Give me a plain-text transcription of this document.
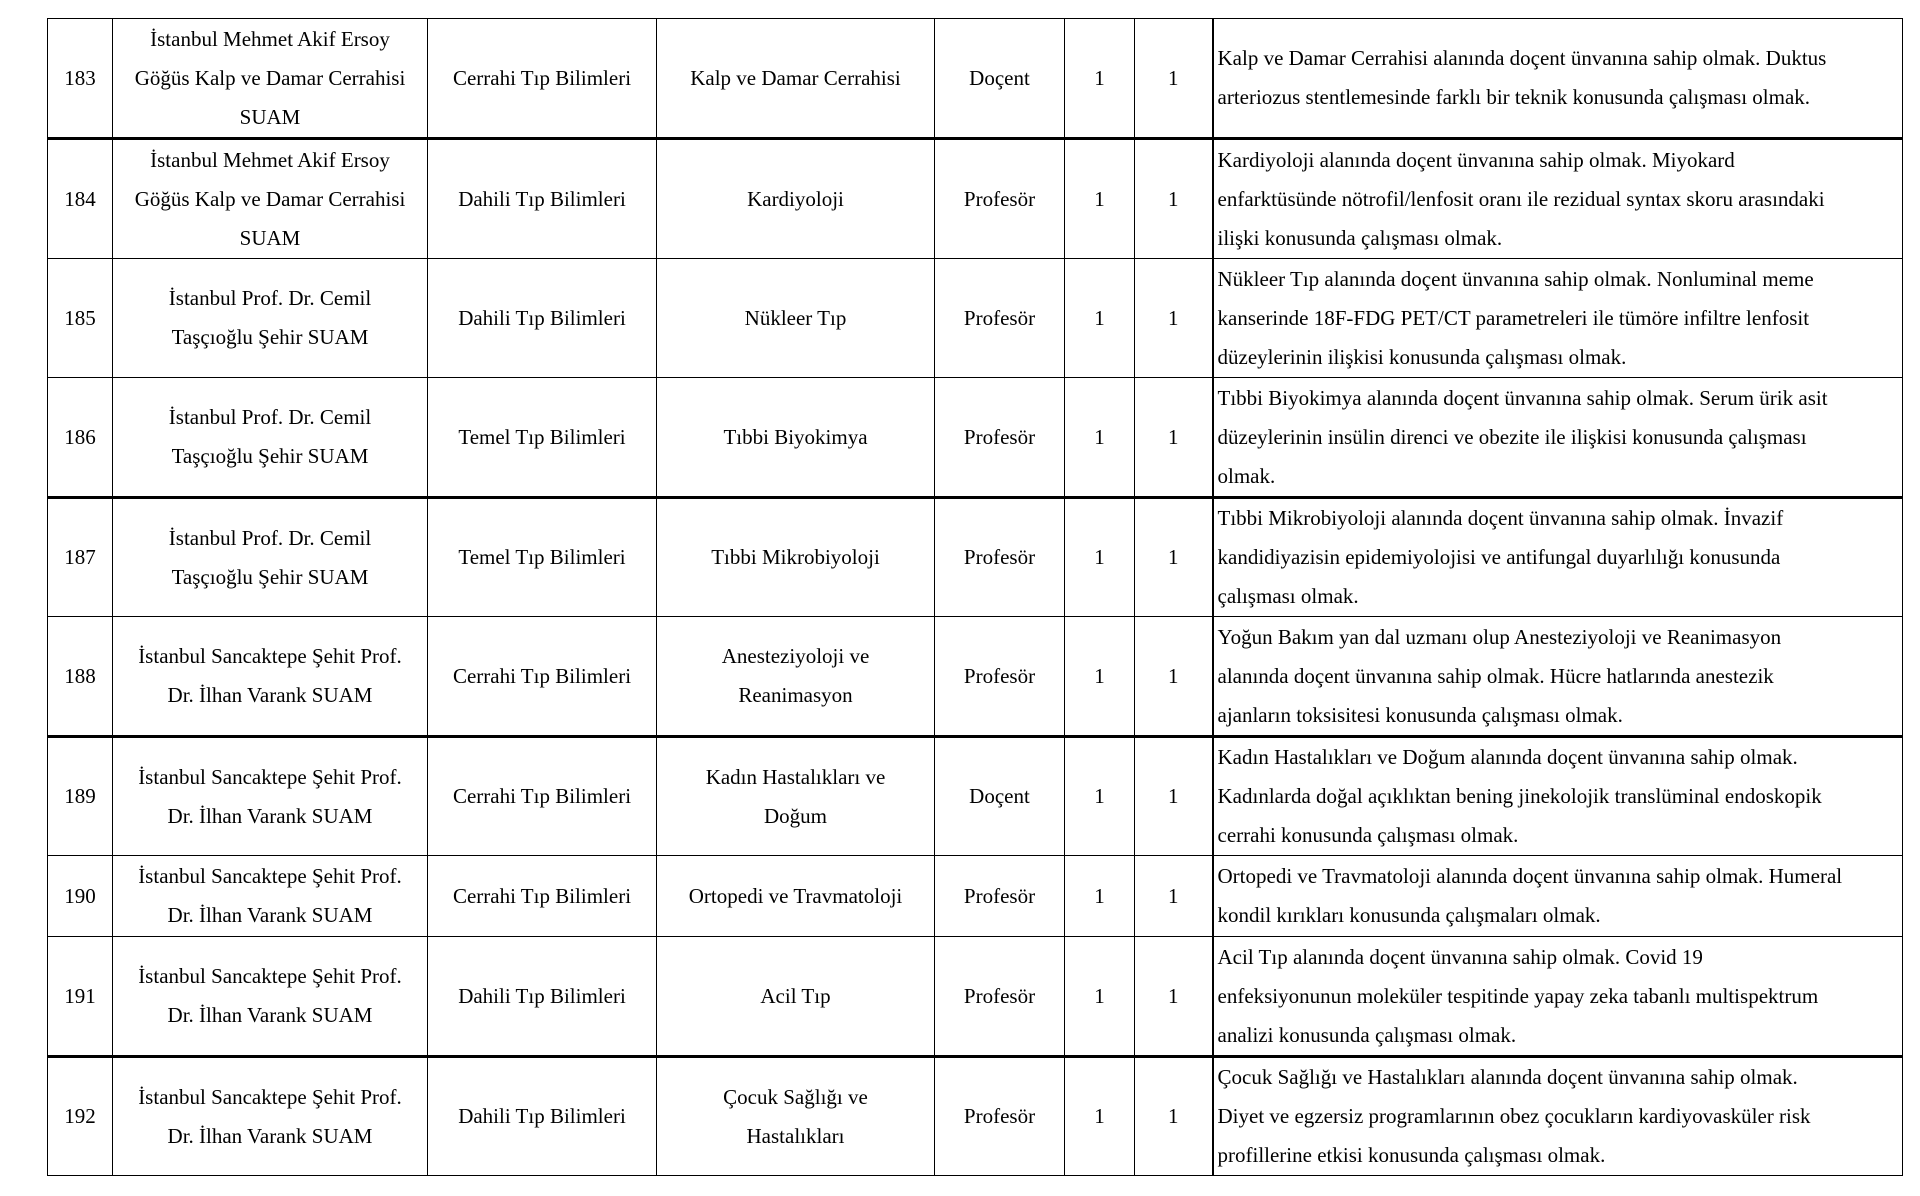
183	İstanbul Mehmet Akif Ersoy
Göğüs Kalp ve Damar Cerrahisi
SUAM	Cerrahi Tıp Bilimleri	Kalp ve Damar Cerrahisi	Doçent	1	1	Kalp ve Damar Cerrahisi alanında doçent ünvanına sahip olmak. Duktus
arteriozus stentlemesinde farklı bir teknik konusunda çalışması olmak.

184	İstanbul Mehmet Akif Ersoy
Göğüs Kalp ve Damar Cerrahisi
SUAM	Dahili Tıp Bilimleri	Kardiyoloji	Profesör	1	1	Kardiyoloji alanında doçent ünvanına sahip olmak. Miyokard
enfarktüsünde nötrofil/lenfosit oranı ile rezidual syntax skoru arasındaki
ilişki konusunda çalışması olmak.

185	İstanbul Prof. Dr. Cemil
Taşçıoğlu Şehir SUAM	Dahili Tıp Bilimleri	Nükleer Tıp	Profesör	1	1	Nükleer Tıp alanında doçent ünvanına sahip olmak. Nonluminal meme
kanserinde 18F-FDG PET/CT parametreleri ile tümöre infiltre lenfosit
düzeylerinin ilişkisi konusunda çalışması olmak.

186	İstanbul Prof. Dr. Cemil
Taşçıoğlu Şehir SUAM	Temel Tıp Bilimleri	Tıbbi Biyokimya	Profesör	1	1	Tıbbi Biyokimya alanında doçent ünvanına sahip olmak. Serum ürik asit
düzeylerinin insülin direnci ve obezite ile ilişkisi konusunda çalışması
olmak.

187	İstanbul Prof. Dr. Cemil
Taşçıoğlu Şehir SUAM	Temel Tıp Bilimleri	Tıbbi Mikrobiyoloji	Profesör	1	1	Tıbbi Mikrobiyoloji alanında doçent ünvanına sahip olmak. İnvazif
kandidiyazisin epidemiyolojisi ve antifungal duyarlılığı konusunda
çalışması olmak.

188	İstanbul Sancaktepe Şehit Prof.
Dr. İlhan Varank SUAM	Cerrahi Tıp Bilimleri	Anesteziyoloji ve
Reanimasyon	Profesör	1	1	Yoğun Bakım yan dal uzmanı olup Anesteziyoloji ve Reanimasyon
alanında doçent ünvanına sahip olmak. Hücre hatlarında anestezik
ajanların toksisitesi konusunda çalışması olmak.

189	İstanbul Sancaktepe Şehit Prof.
Dr. İlhan Varank SUAM	Cerrahi Tıp Bilimleri	Kadın Hastalıkları ve
Doğum	Doçent	1	1	Kadın Hastalıkları ve Doğum alanında doçent ünvanına sahip olmak.
Kadınlarda doğal açıklıktan bening jinekolojik translüminal endoskopik
cerrahi konusunda çalışması olmak.

190	İstanbul Sancaktepe Şehit Prof.
Dr. İlhan Varank SUAM	Cerrahi Tıp Bilimleri	Ortopedi ve Travmatoloji	Profesör	1	1	Ortopedi ve Travmatoloji alanında doçent ünvanına sahip olmak. Humeral
kondil kırıkları konusunda çalışmaları olmak.

191	İstanbul Sancaktepe Şehit Prof.
Dr. İlhan Varank SUAM	Dahili Tıp Bilimleri	Acil Tıp	Profesör	1	1	Acil Tıp alanında doçent ünvanına sahip olmak. Covid 19
enfeksiyonunun moleküler tespitinde yapay zeka tabanlı multispektrum
analizi konusunda çalışması olmak.

192	İstanbul Sancaktepe Şehit Prof.
Dr. İlhan Varank SUAM	Dahili Tıp Bilimleri	Çocuk Sağlığı ve
Hastalıkları	Profesör	1	1	Çocuk Sağlığı ve Hastalıkları alanında doçent ünvanına sahip olmak.
Diyet ve egzersiz programlarının obez çocukların kardiyovasküler risk
profillerine etkisi konusunda çalışması olmak.
